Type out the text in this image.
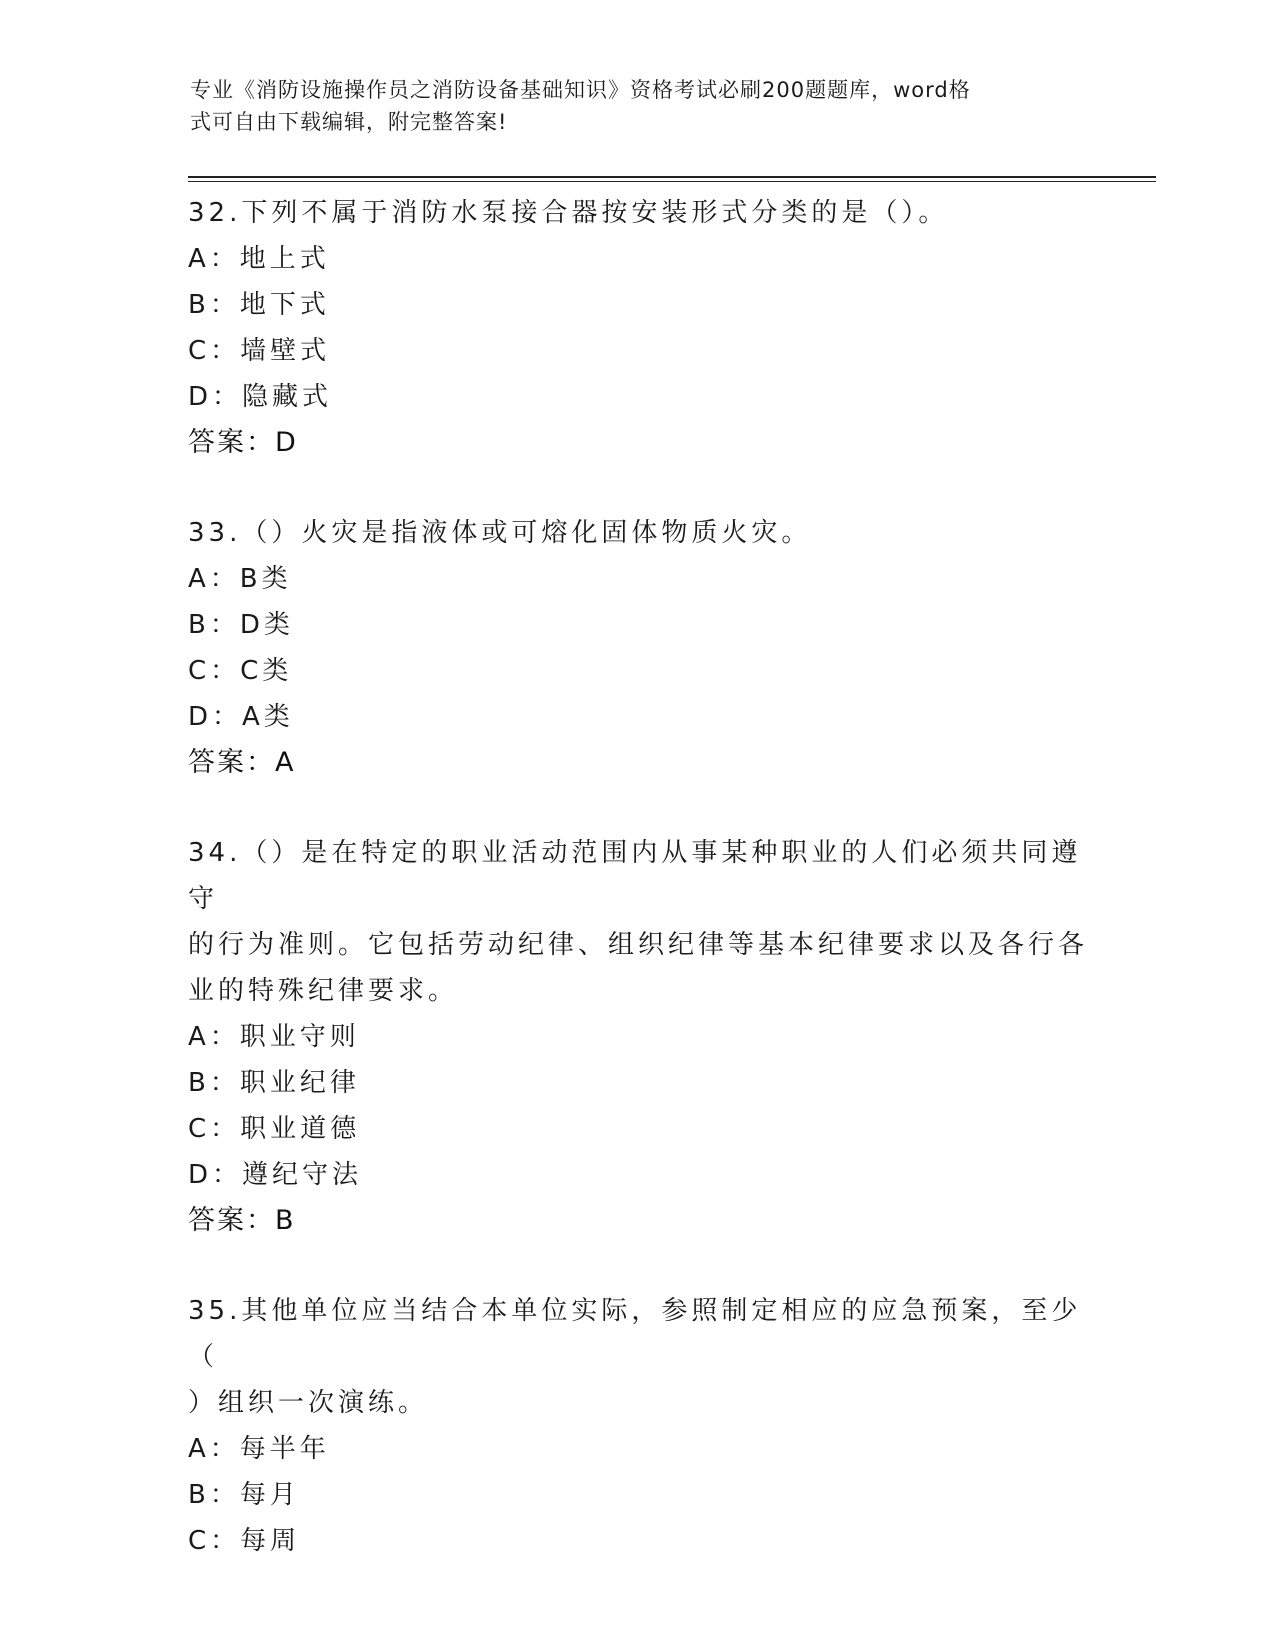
专业《消防设施操作员之消防设备基础知识》资格考试必刷200题题库，word格
式可自由下载编辑，附完整答案!

32.下列不属于消防水泵接合器按安装形式分类的是（）。

A：地上式

B：地下式

C：墙壁式

D：隐藏式

答案：D

33.（）火灾是指液体或可熔化固体物质火灾。

A：B类

B：D类

C：C类

D：A类

答案：A

34.（）是在特定的职业活动范围内从事某种职业的人们必须共同遵守

的行为准则。它包括劳动纪律、组织纪律等基本纪律要求以及各行各

业的特殊纪律要求。

A：职业守则

B：职业纪律

C：职业道德

D：遵纪守法

答案：B

35.其他单位应当结合本单位实际，参照制定相应的应急预案，至少（

）组织一次演练。

A：每半年

B：每月

C：每周
